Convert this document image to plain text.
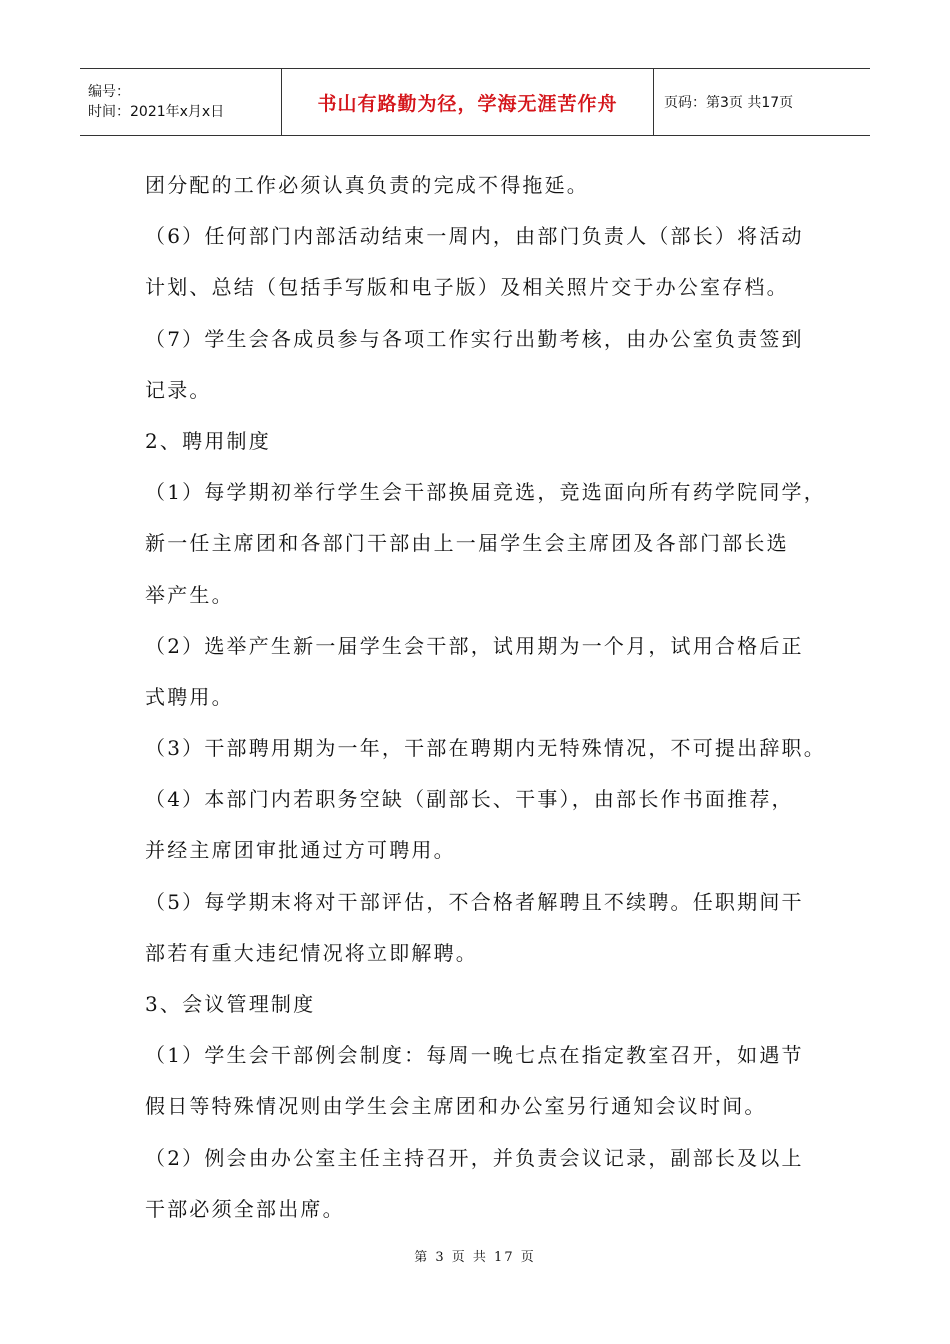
编号：
时间：2021年x月x日	书山有路勤为径，学海无涯苦作舟	页码：第3页 共17页
团分配的工作必须认真负责的完成不得拖延。
（6）任何部门内部活动结束一周内，由部门负责人（部长）将活动
计划、总结（包括手写版和电子版）及相关照片交于办公室存档。
（7）学生会各成员参与各项工作实行出勤考核，由办公室负责签到
记录。
2、聘用制度
（1）每学期初举行学生会干部换届竞选，竞选面向所有药学院同学，
新一任主席团和各部门干部由上一届学生会主席团及各部门部长选
举产生。
（2）选举产生新一届学生会干部，试用期为一个月，试用合格后正
式聘用。
（3）干部聘用期为一年，干部在聘期内无特殊情况，不可提出辞职。
（4）本部门内若职务空缺（副部长、干事），由部长作书面推荐，
并经主席团审批通过方可聘用。
（5）每学期末将对干部评估，不合格者解聘且不续聘。任职期间干
部若有重大违纪情况将立即解聘。
3、会议管理制度
（1）学生会干部例会制度：每周一晚七点在指定教室召开，如遇节
假日等特殊情况则由学生会主席团和办公室另行通知会议时间。
（2）例会由办公室主任主持召开，并负责会议记录，副部长及以上
干部必须全部出席。
第 3 页 共 17 页
